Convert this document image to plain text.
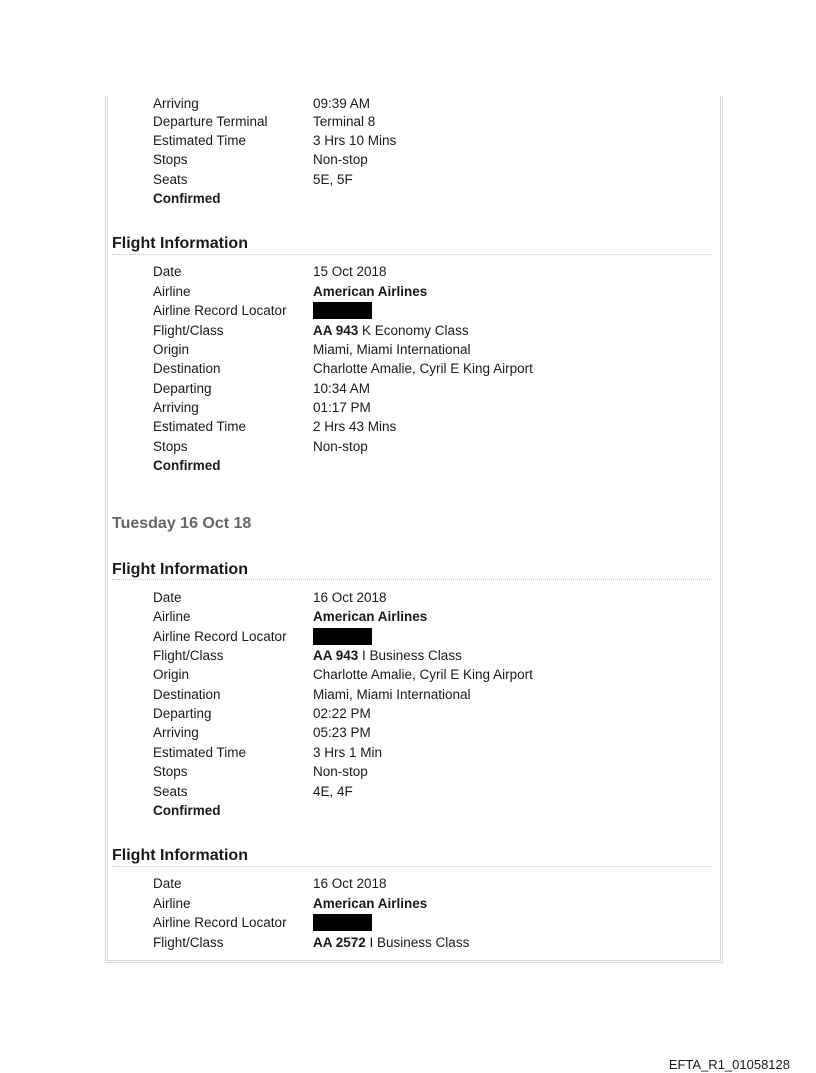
Arriving	09:39 AM
Departure Terminal	Terminal 8
Estimated Time	3 Hrs 10 Mins
Stops	Non-stop
Seats	5E, 5F
Confirmed
Flight Information
Date	15 Oct 2018
Airline	American Airlines
Airline Record Locator
Flight/Class	AA 943 K Economy Class
Origin	Miami, Miami International
Destination	Charlotte Amalie, Cyril E King Airport
Departing	10:34 AM
Arriving	01:17 PM
Estimated Time	2 Hrs 43 Mins
Stops	Non-stop
Confirmed
Tuesday 16 Oct 18
Flight Information
Date	16 Oct 2018
Airline	American Airlines
Airline Record Locator
Flight/Class	AA 943 I Business Class
Origin	Charlotte Amalie, Cyril E King Airport
Destination	Miami, Miami International
Departing	02:22 PM
Arriving	05:23 PM
Estimated Time	3 Hrs 1 Min
Stops	Non-stop
Seats	4E, 4F
Confirmed
Flight Information
Date	16 Oct 2018
Airline	American Airlines
Airline Record Locator
Flight/Class	AA 2572 I Business Class
EFTA_R1_01058128
